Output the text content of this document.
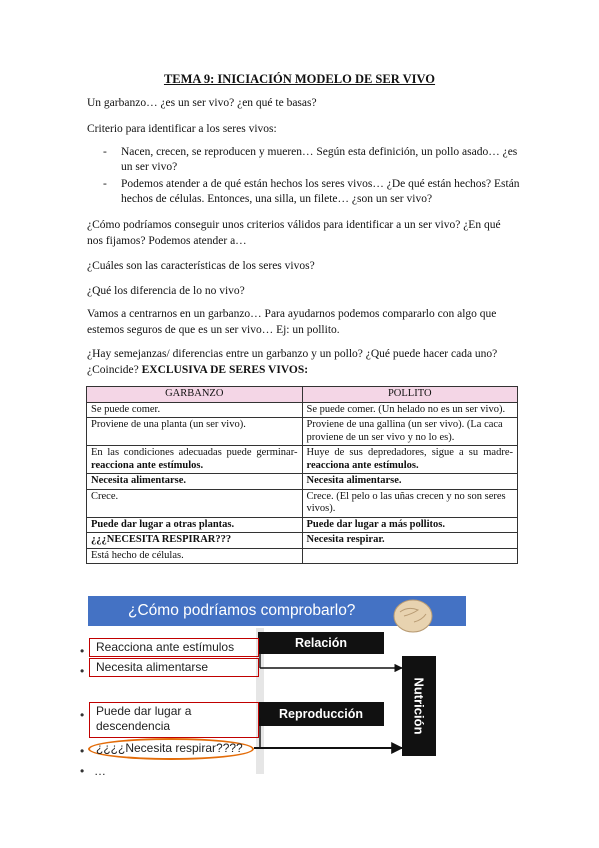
TEMA 9: INICIACIÓN MODELO DE SER VIVO
Un garbanzo… ¿es un ser vivo? ¿en qué te basas?
Criterio para identificar a los seres vivos:
- Nacen, crecen, se reproducen y mueren… Según esta definición, un pollo asado… ¿es un ser vivo?
- Podemos atender a de qué están hechos los seres vivos… ¿De qué están hechos? Están hechos de células. Entonces, una silla, un filete… ¿son un ser vivo?
¿Cómo podríamos conseguir unos criterios válidos para identificar a un ser vivo? ¿En qué nos fijamos? Podemos atender a…
¿Cuáles son las características de los seres vivos?
¿Qué los diferencia de lo no vivo?
Vamos a centrarnos en un garbanzo… Para ayudarnos podemos compararlo con algo que estemos seguros de que es un ser vivo… Ej: un pollito.
¿Hay semejanzas/ diferencias entre un garbanzo y un pollo? ¿Qué puede hacer cada uno? ¿Coincide? EXCLUSIVA DE SERES VIVOS:
GARBANZO	POLLITO
Se puede comer.	Se puede comer. (Un helado no es un ser vivo).
Proviene de una planta (un ser vivo).	Proviene de una gallina (un ser vivo). (La caca proviene de un ser vivo y no lo es).
En las condiciones adecuadas puede germinar- reacciona ante estímulos.	Huye de sus depredadores, sigue a su madre- reacciona ante estímulos.
Necesita alimentarse.	Necesita alimentarse.
Crece.	Crece. (El pelo o las uñas crecen y no son seres vivos).
Puede dar lugar a otras plantas.	Puede dar lugar a más pollitos.
¿¿¿NECESITA RESPIRAR???	Necesita respirar.
Está hecho de células.	
¿Cómo podríamos comprobarlo?
Relación
• Reacciona ante estímulos
• Necesita alimentarse
Nutrición
Reproducción
• Puede dar lugar a descendencia
• ¿¿¿¿Necesita respirar????
• …
